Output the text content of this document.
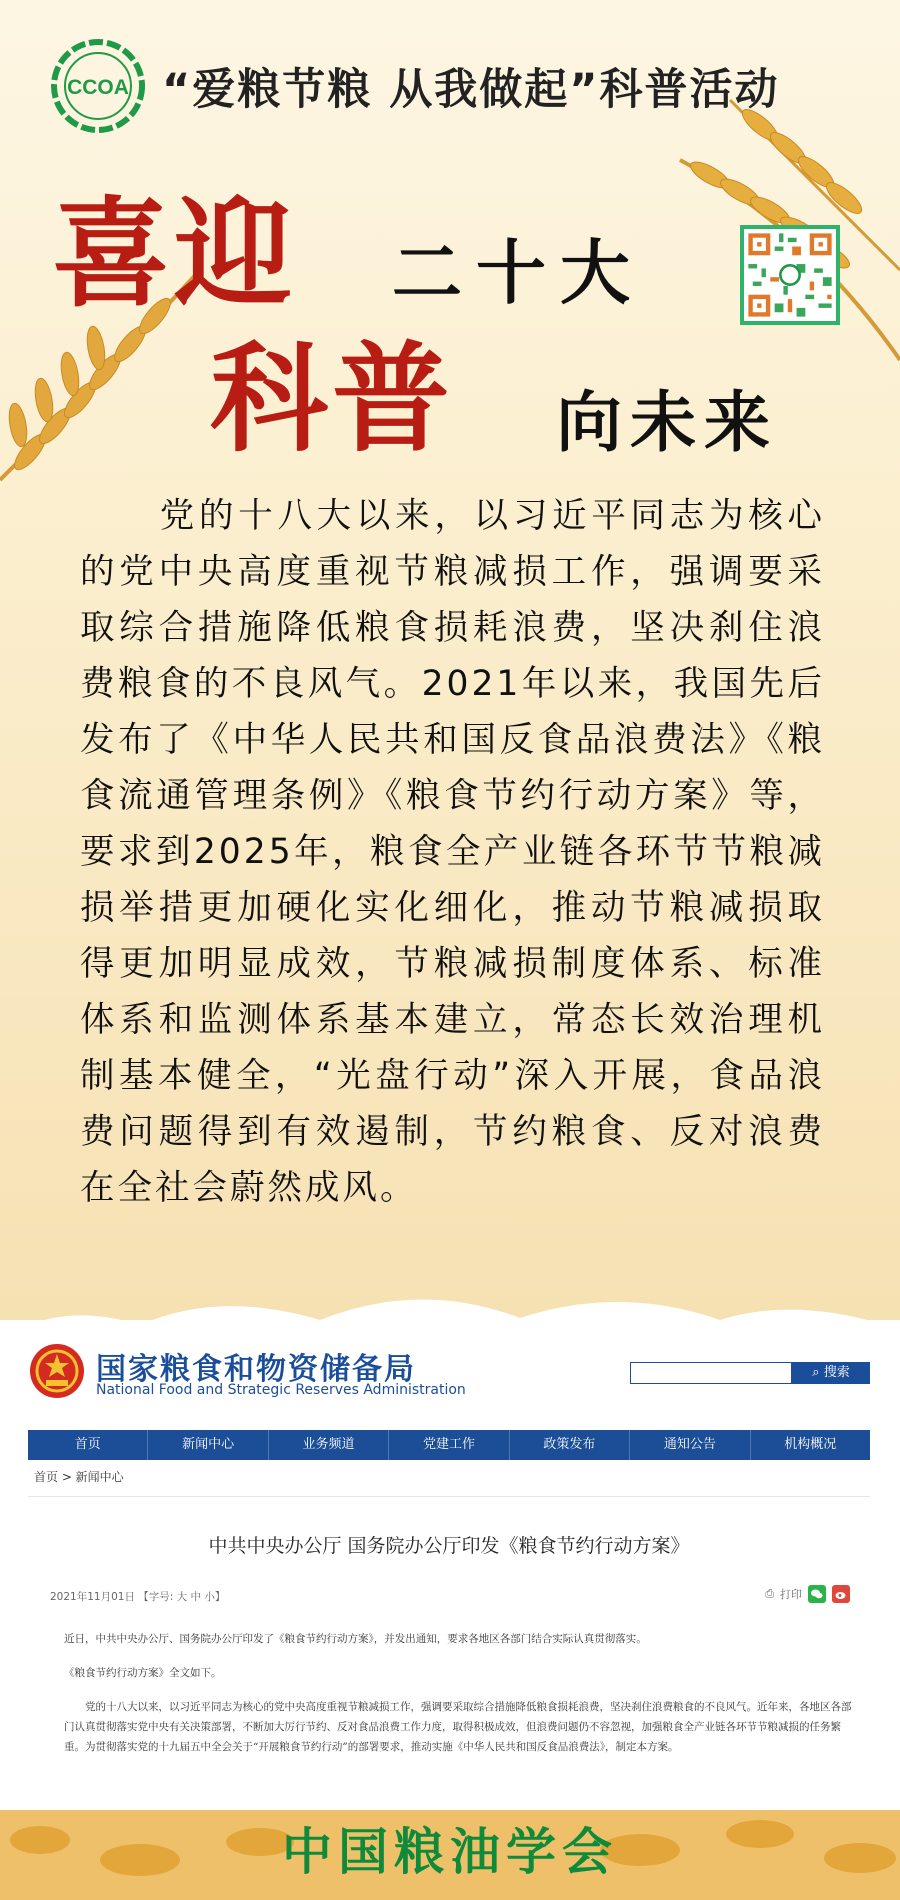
CCOA “爱粮节粮 从我做起”科普活动
喜迎 二十大
科普 向未来
党的十八大以来，以习近平同志为核心的党中央高度重视节粮减损工作，强调要采取综合措施降低粮食损耗浪费，坚决刹住浪费粮食的不良风气。2021年以来，我国先后发布了《中华人民共和国反食品浪费法》《粮食流通管理条例》《粮食节约行动方案》等，要求到2025年，粮食全产业链各环节节粮减损举措更加硬化实化细化，推动节粮减损取得更加明显成效，节粮减损制度体系、标准体系和监测体系基本建立，常态长效治理机制基本健全，“光盘行动”深入开展，食品浪费问题得到有效遏制，节约粮食、反对浪费在全社会蔚然成风。
国家粮食和物资储备局
National Food and Strategic Reserves Administration
⌕ 搜索
首页	新闻中心	业务频道	党建工作	政策发布	通知公告	机构概况
首页 > 新闻中心
中共中央办公厅 国务院办公厅印发《粮食节约行动方案》
2021年11月01日 【字号: 大 中 小】	⎙ 打印
近日，中共中央办公厅、国务院办公厅印发了《粮食节约行动方案》，并发出通知，要求各地区各部门结合实际认真贯彻落实。
《粮食节约行动方案》全文如下。
党的十八大以来，以习近平同志为核心的党中央高度重视节粮减损工作，强调要采取综合措施降低粮食损耗浪费，坚决刹住浪费粮食的不良风气。近年来，各地区各部门认真贯彻落实党中央有关决策部署，不断加大厉行节约、反对食品浪费工作力度，取得积极成效，但浪费问题仍不容忽视，加强粮食全产业链各环节节粮减损的任务繁重。为贯彻落实党的十九届五中全会关于“开展粮食节约行动”的部署要求，推动实施《中华人民共和国反食品浪费法》，制定本方案。
中国粮油学会
